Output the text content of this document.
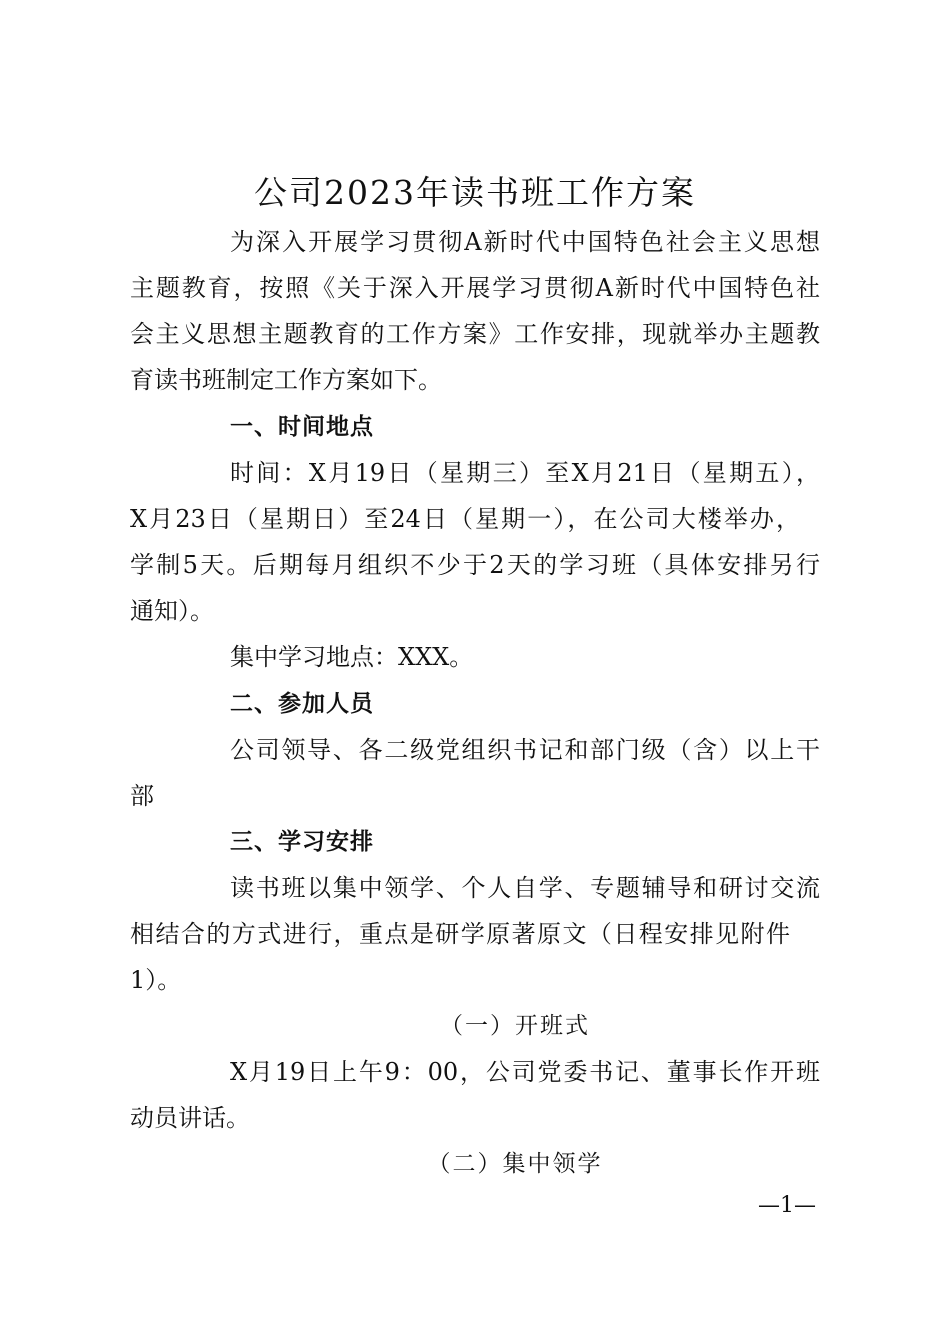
公司2023年读书班工作方案
为深入开展学习贯彻A新时代中国特色社会主义思想
主题教育，按照《关于深入开展学习贯彻A新时代中国特色社
会主义思想主题教育的工作方案》工作安排，现就举办主题教
育读书班制定工作方案如下。
一、时间地点
时间：X月19日（星期三）至X月21日（星期五），
X月23日（星期日）至24日（星期一），在公司大楼举办，
学制5天。后期每月组织不少于2天的学习班（具体安排另行
通知）。
集中学习地点：XXX。
二、参加人员
公司领导、各二级党组织书记和部门级（含）以上干
部
三、学习安排
读书班以集中领学、个人自学、专题辅导和研讨交流
相结合的方式进行，重点是研学原著原文（日程安排见附件
1）。
（一）开班式
X月19日上午9：00，公司党委书记、董事长作开班
动员讲话。
（二）集中领学
—1—
